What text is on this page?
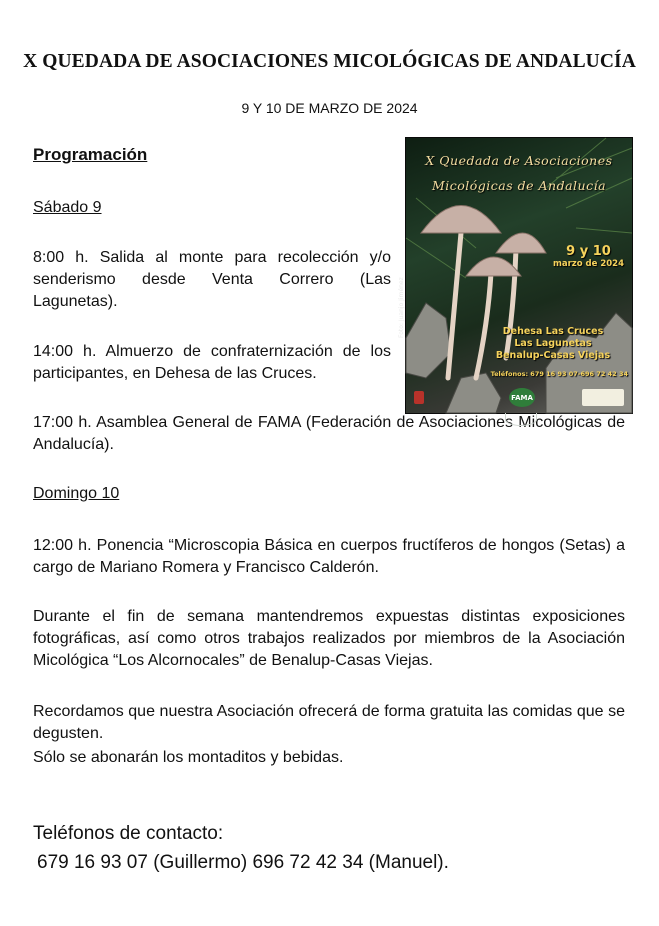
X QUEDADA DE ASOCIACIONES MICOLÓGICAS DE ANDALUCÍA
9 Y 10 DE MARZO DE 2024
Programación
Sábado 9
8:00 h. Salida al monte para recolección y/o senderismo desde Venta Correro (Las Lagunetas).
14:00 h. Almuerzo de confraternización de los participantes, en Dehesa de las Cruces.
17:00 h. Asamblea General de FAMA (Federación de Asociaciones Micológicas de Andalucía).
Domingo 10
12:00 h. Ponencia “Microscopia Básica en cuerpos fructíferos de hongos (Setas) a cargo de Mariano Romera y Francisco Calderón.
Durante el fin de semana mantendremos expuestas distintas exposiciones fotográficas, así como otros trabajos realizados por miembros de la Asociación Micológica “Los Alcornocales” de Benalup-Casas Viejas.
Recordamos que nuestra Asociación ofrecerá de forma gratuita las comidas que se degusten.
Sólo se abonarán los montaditos y bebidas.
Teléfonos de contacto:
679 16 93 07 (Guillermo) 696 72 42 34 (Manuel).
X Quedada de Asociaciones
Micológicas de Andalucía
9 y 10
marzo de 2024
Dehesa Las Cruces
Las Lagunetas
Benalup-Casas Viejas
Teléfonos: 679 16 93 07-696 72 42 34
Foto: Juanjo Jiménez
FAMA
